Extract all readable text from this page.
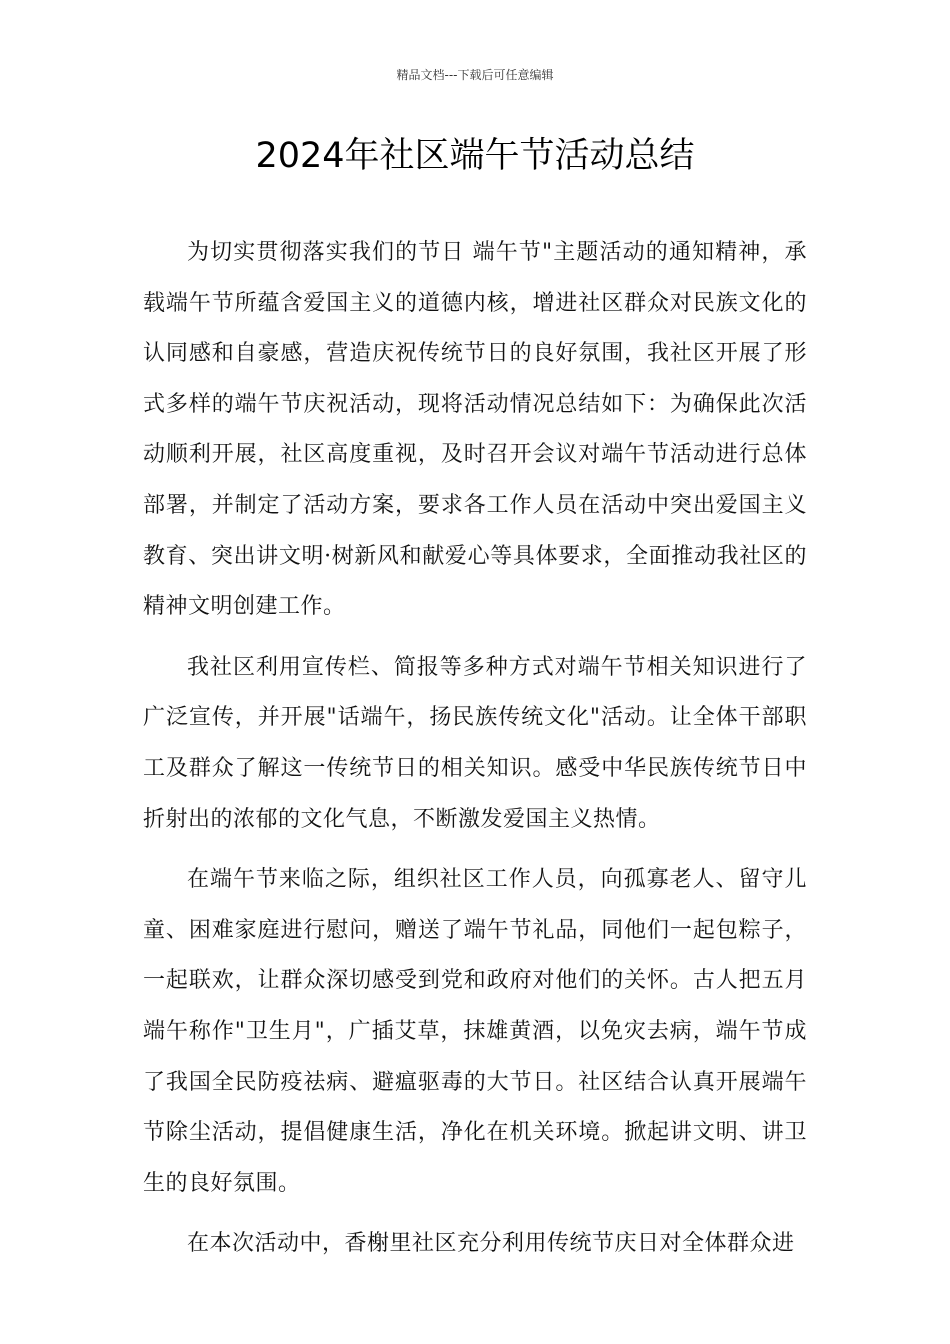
精品文档---下载后可任意编辑
2024年社区端午节活动总结

为切实贯彻落实我们的节日 端午节"主题活动的通知精神，承载端午节所蕴含爱国主义的道德内核，增进社区群众对民族文化的认同感和自豪感，营造庆祝传统节日的良好氛围，我社区开展了形式多样的端午节庆祝活动，现将活动情况总结如下：为确保此次活动顺利开展，社区高度重视，及时召开会议对端午节活动进行总体部署，并制定了活动方案，要求各工作人员在活动中突出爱国主义教育、突出讲文明·树新风和献爱心等具体要求，全面推动我社区的精神文明创建工作。

我社区利用宣传栏、简报等多种方式对端午节相关知识进行了广泛宣传，并开展"话端午，扬民族传统文化"活动。让全体干部职工及群众了解这一传统节日的相关知识。感受中华民族传统节日中折射出的浓郁的文化气息，不断激发爱国主义热情。

在端午节来临之际，组织社区工作人员，向孤寡老人、留守儿童、困难家庭进行慰问，赠送了端午节礼品，同他们一起包粽子，一起联欢，让群众深切感受到党和政府对他们的关怀。古人把五月端午称作"卫生月"，广插艾草，抹雄黄酒，以免灾去病，端午节成了我国全民防疫祛病、避瘟驱毒的大节日。社区结合认真开展端午节除尘活动，提倡健康生活，净化在机关环境。掀起讲文明、讲卫生的良好氛围。

在本次活动中，香榭里社区充分利用传统节庆日对全体群众进
